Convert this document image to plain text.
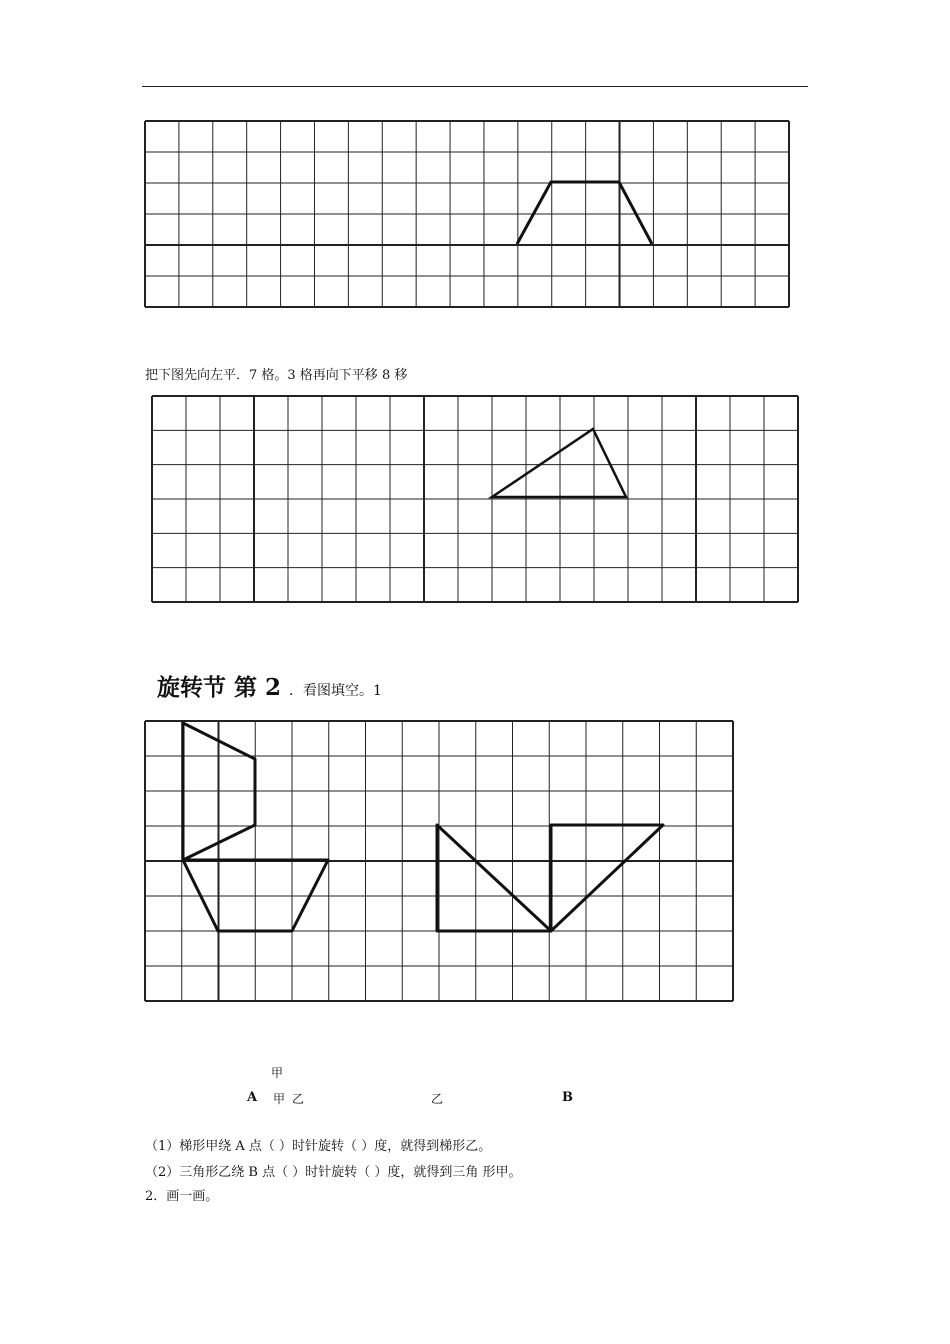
把下图先向左平．7 格。3 格再向下平移 8 移
旋转节 第 2 ．看图填空。1
甲
A 甲 乙	乙	B
（1）梯形甲绕 A 点（ ）时针旋转（ ）度，就得到梯形乙。
（2）三角形乙绕 B 点（ ）时针旋转（ ）度，就得到三角 形甲。
2．画一画。
